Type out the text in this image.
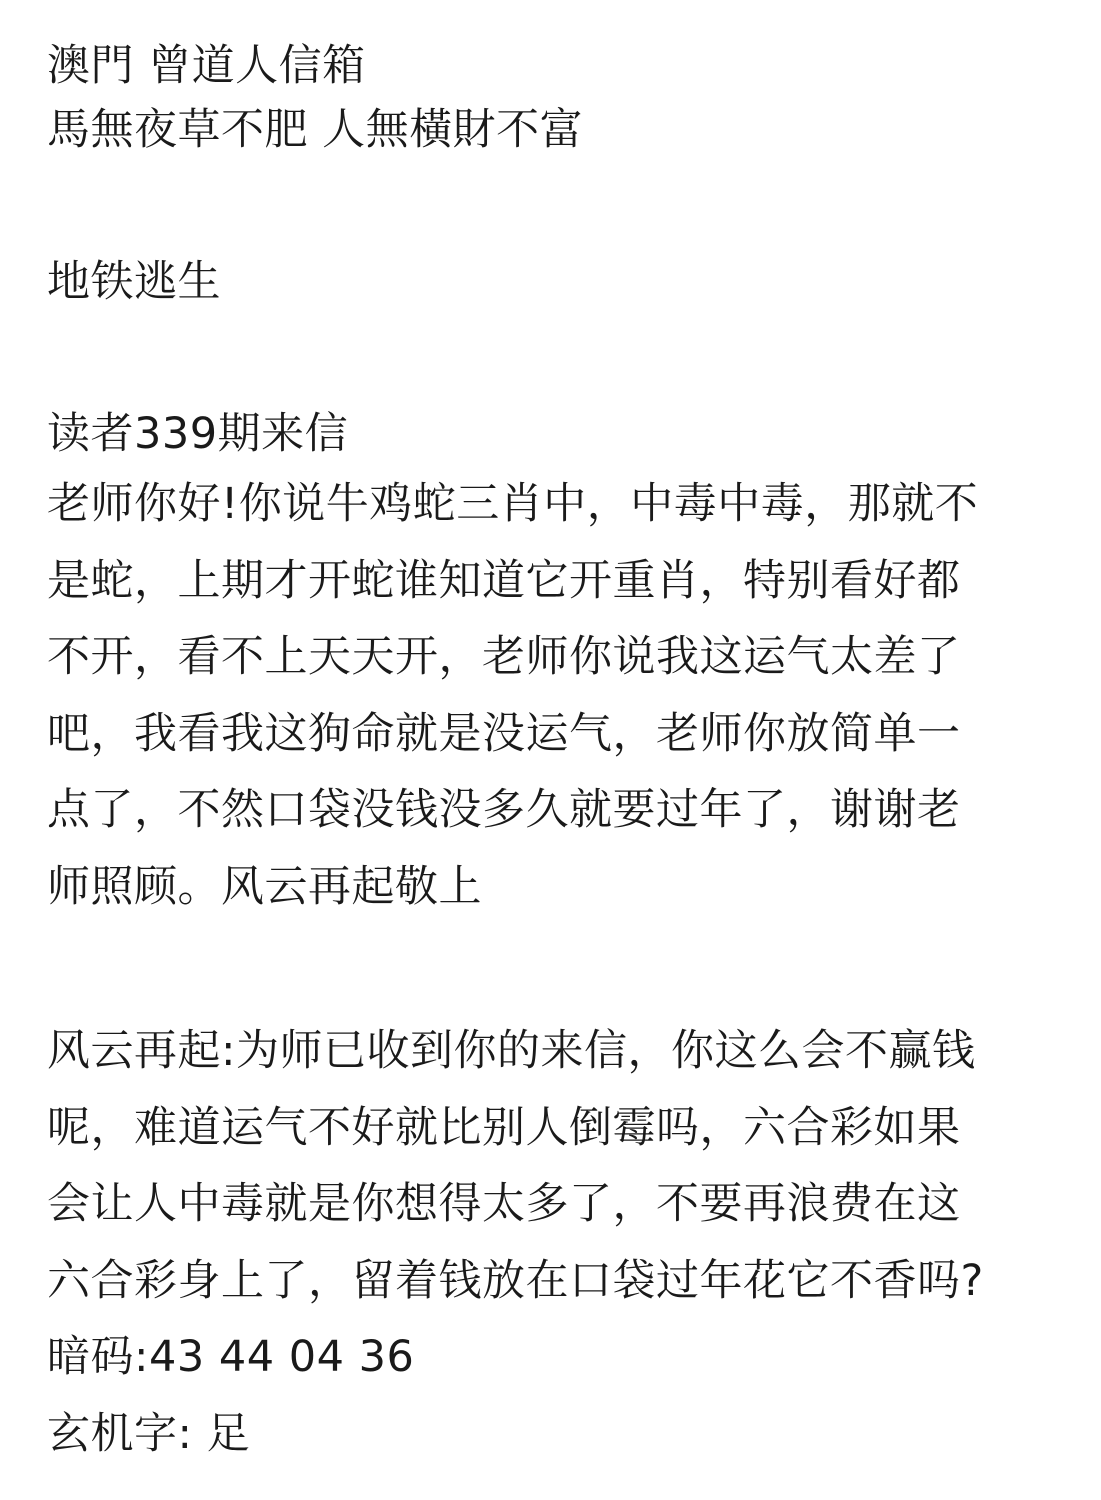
澳門 曾道人信箱
馬無夜草不肥 人無橫財不富
地铁逃生
读者339期来信
老师你好!你说牛鸡蛇三肖中，中毒中毒，那就不
是蛇，上期才开蛇谁知道它开重肖，特别看好都
不开，看不上天天开，老师你说我这运气太差了
吧，我看我这狗命就是没运气，老师你放简单一
点了，不然口袋没钱没多久就要过年了，谢谢老
师照顾。风云再起敬上
风云再起:为师已收到你的来信，你这么会不赢钱
呢，难道运气不好就比别人倒霉吗，六合彩如果
会让人中毒就是你想得太多了，不要再浪费在这
六合彩身上了，留着钱放在口袋过年花它不香吗?
暗码:43 44 04 36
玄机字: 足
